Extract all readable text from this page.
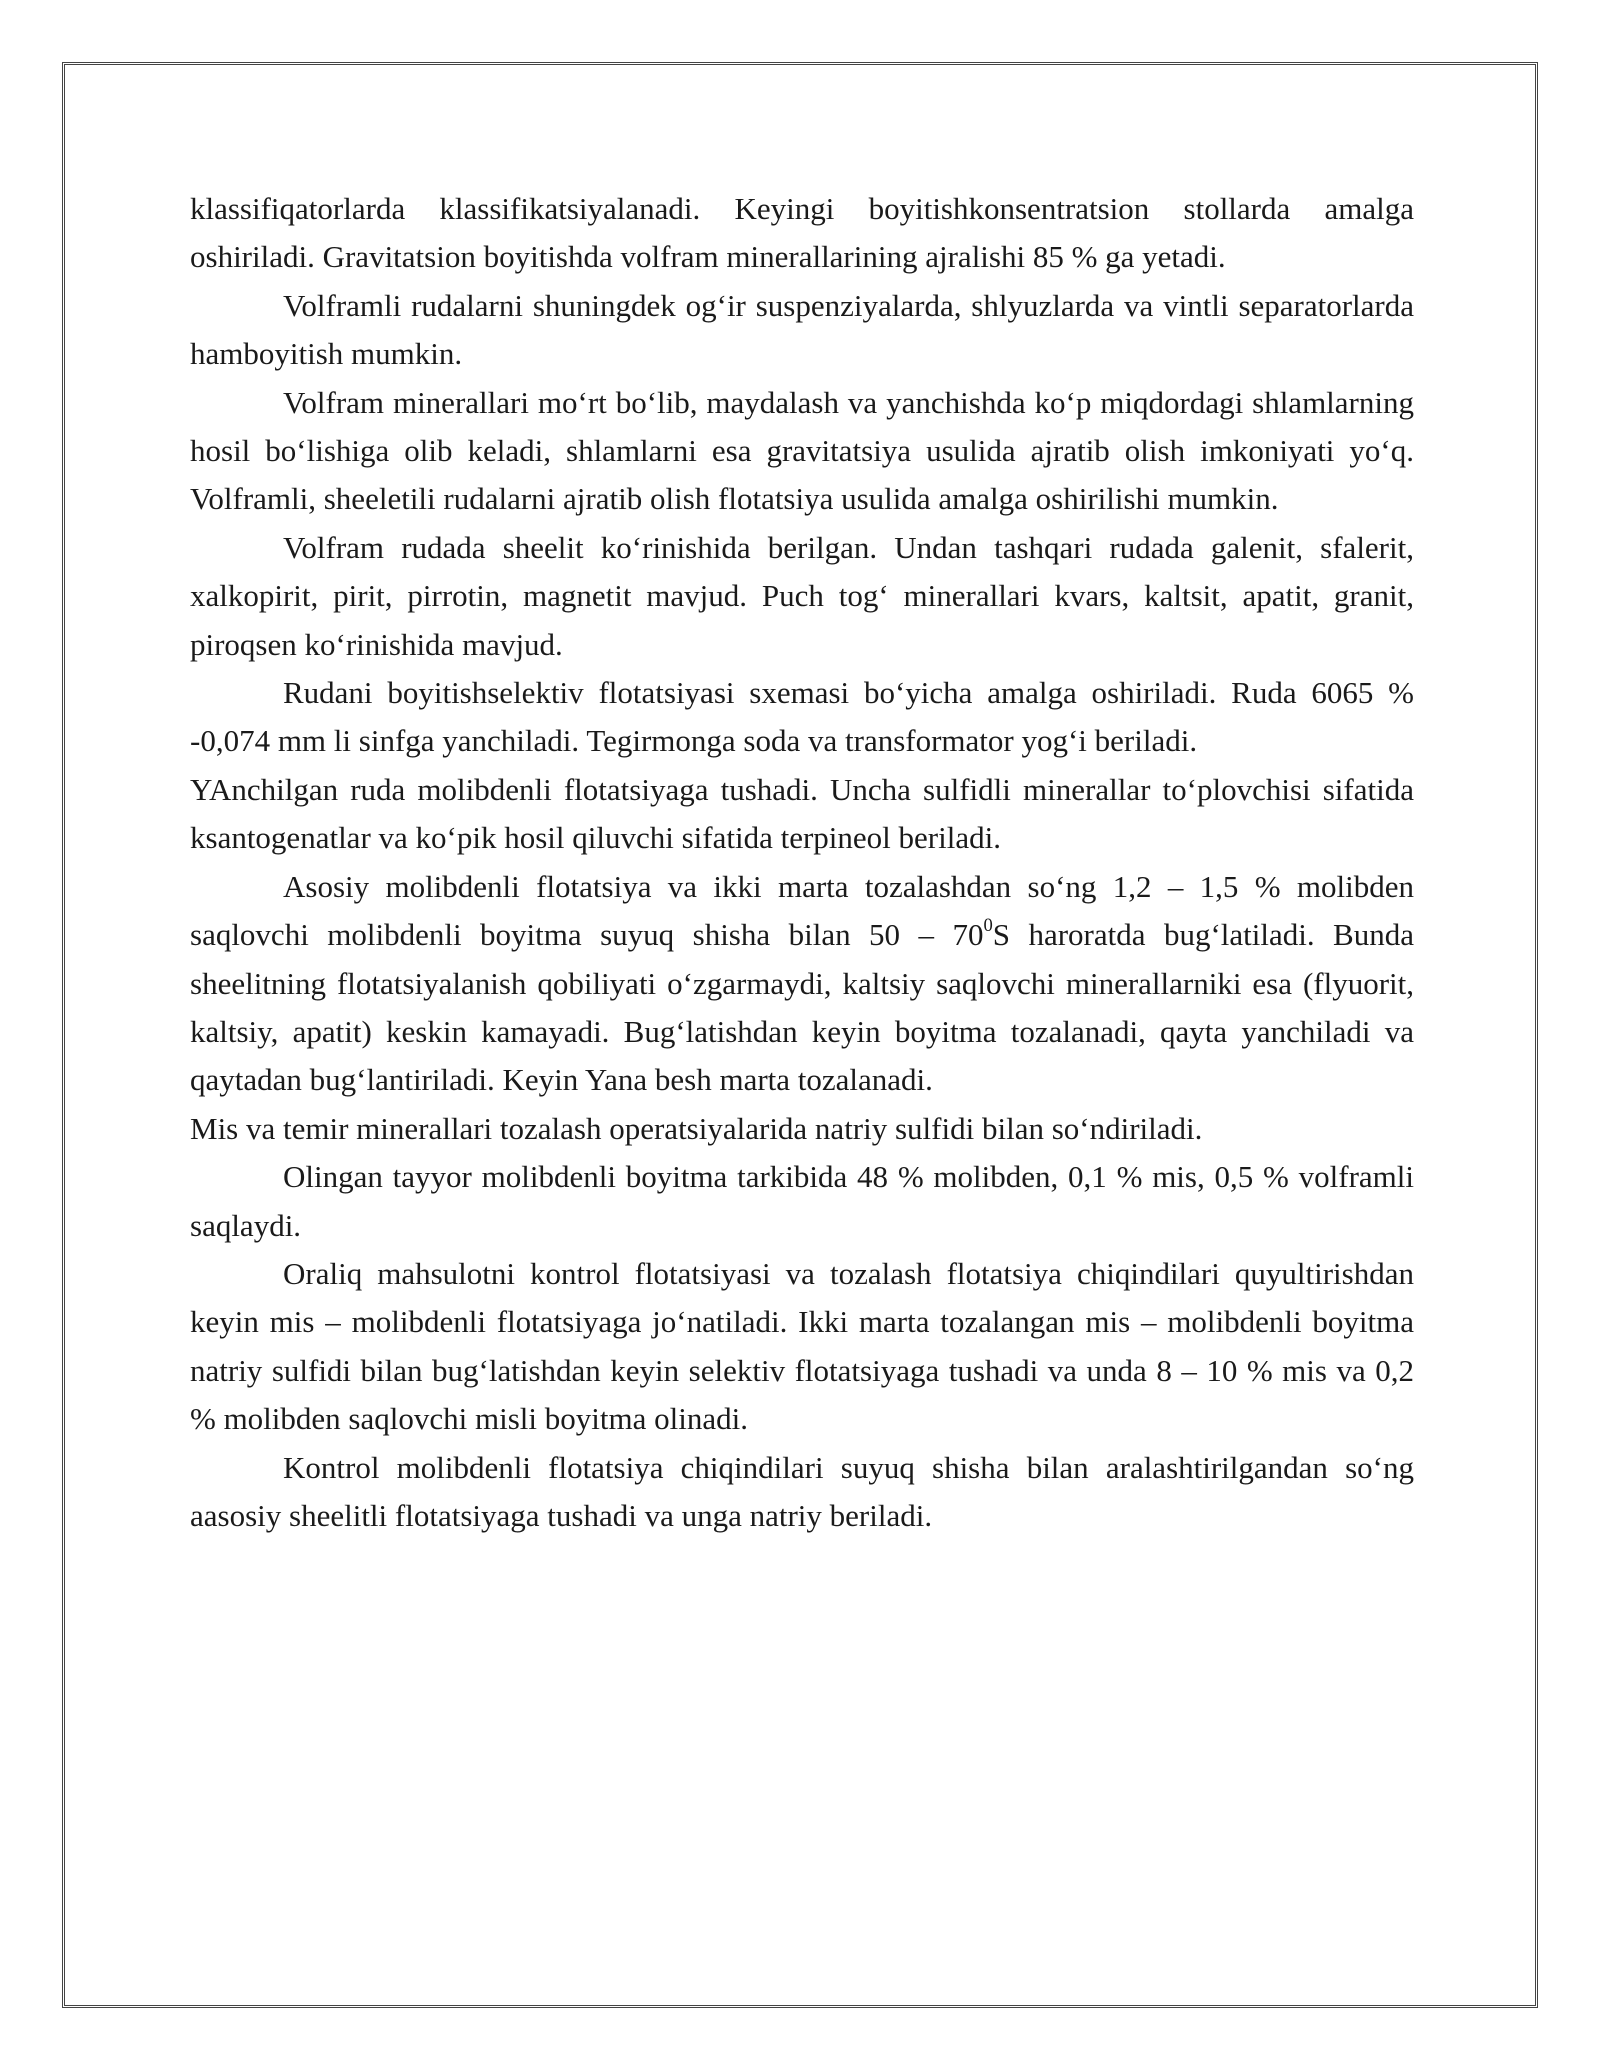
klassifiqatorlarda klassifikatsiyalanadi. Keyingi boyitishkonsentratsion stollarda amalga oshiriladi. Gravitatsion boyitishda volfram minerallarining ajralishi 85 % ga yetadi.

Volframli rudalarni shuningdek og‘ir suspenziyalarda, shlyuzlarda va vintli separatorlarda hamboyitish mumkin.

Volfram minerallari mo‘rt bo‘lib, maydalash va yanchishda ko‘p miqdordagi shlamlarning hosil bo‘lishiga olib keladi, shlamlarni esa gravitatsiya usulida ajratib olish imkoniyati yo‘q. Volframli, sheeletili rudalarni ajratib olish flotatsiya usulida amalga oshirilishi mumkin.

Volfram rudada sheelit ko‘rinishida berilgan. Undan tashqari rudada galenit, sfalerit, xalkopirit, pirit, pirrotin, magnetit mavjud. Puch tog‘ minerallari kvars, kaltsit, apatit, granit, piroqsen ko‘rinishida mavjud.

Rudani boyitishselektiv flotatsiyasi sxemasi bo‘yicha amalga oshiriladi. Ruda 6065 % -0,074 mm li sinfga yanchiladi. Tegirmonga soda va transformator yog‘i beriladi.

YAnchilgan ruda molibdenli flotatsiyaga tushadi. Uncha sulfidli minerallar to‘plovchisi sifatida ksantogenatlar va ko‘pik hosil qiluvchi sifatida terpineol beriladi.

Asosiy molibdenli flotatsiya va ikki marta tozalashdan so‘ng 1,2 – 1,5 % molibden saqlovchi molibdenli boyitma suyuq shisha bilan $50 - 70^0S$ haroratda bug‘latiladi. Bunda sheelitning flotatsiyalanish qobiliyati o‘zgarmaydi, kaltsiy saqlovchi minerallarniki esa (flyuorit, kaltsiy, apatit) keskin kamayadi. Bug‘latishdan keyin boyitma tozalanadi, qayta yanchiladi va qaytadan bug‘lantiriladi. Keyin Yana besh marta tozalanadi.

Mis va temir minerallari tozalash operatsiyalarida natriy sulfidi bilan so‘ndiriladi.

Olingan tayyor molibdenli boyitma tarkibida 48 % molibden, 0,1 % mis, 0,5 % volframli saqlaydi.

Oraliq mahsulotni kontrol flotatsiyasi va tozalash flotatsiya chiqindilari quyultirishdan keyin mis – molibdenli flotatsiyaga jo‘natiladi. Ikki marta tozalangan mis – molibdenli boyitma natriy sulfidi bilan bug‘latishdan keyin selektiv flotatsiyaga tushadi va unda 8 – 10 % mis va 0,2 % molibden saqlovchi misli boyitma olinadi.

Kontrol molibdenli flotatsiya chiqindilari suyuq shisha bilan aralashtirilgandan so‘ng aasosiy sheelitli flotatsiyaga tushadi va unga natriy beriladi.
